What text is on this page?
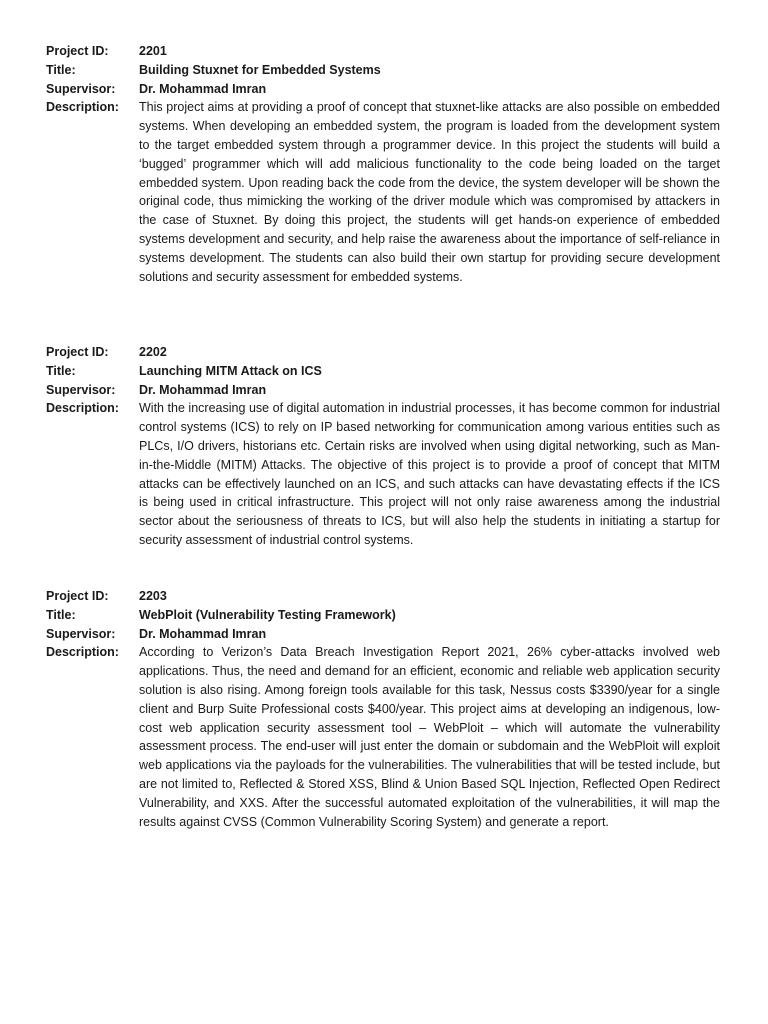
Project ID:	2201
Title:	Building Stuxnet for Embedded Systems
Supervisor:	Dr. Mohammad Imran
Description:	This project aims at providing a proof of concept that stuxnet-like attacks are also possible on embedded systems. When developing an embedded system, the program is loaded from the development system to the target embedded system through a programmer device. In this project the students will build a ‘bugged’ programmer which will add malicious functionality to the code being loaded on the target embedded system. Upon reading back the code from the device, the system developer will be shown the original code, thus mimicking the working of the driver module which was compromised by attackers in the case of Stuxnet. By doing this project, the students will get hands-on experience of embedded systems development and security, and help raise the awareness about the importance of self-reliance in systems development. The students can also build their own startup for providing secure development solutions and security assessment for embedded systems.
Project ID:	2202
Title:	Launching MITM Attack on ICS
Supervisor:	Dr. Mohammad Imran
Description:	With the increasing use of digital automation in industrial processes, it has become common for industrial control systems (ICS) to rely on IP based networking for communication among various entities such as PLCs, I/O drivers, historians etc. Certain risks are involved when using digital networking, such as Man-in-the-Middle (MITM) Attacks. The objective of this project is to provide a proof of concept that MITM attacks can be effectively launched on an ICS, and such attacks can have devastating effects if the ICS is being used in critical infrastructure. This project will not only raise awareness among the industrial sector about the seriousness of threats to ICS, but will also help the students in initiating a startup for security assessment of industrial control systems.
Project ID:	2203
Title:	WebPloit (Vulnerability Testing Framework)
Supervisor:	Dr. Mohammad Imran
Description:	According to Verizon’s Data Breach Investigation Report 2021, 26% cyber-attacks involved web applications. Thus, the need and demand for an efficient, economic and reliable web application security solution is also rising. Among foreign tools available for this task, Nessus costs $3390/year for a single client and Burp Suite Professional costs $400/year. This project aims at developing an indigenous, low-cost web application security assessment tool – WebPloit – which will automate the vulnerability assessment process. The end-user will just enter the domain or subdomain and the WebPloit will exploit web applications via the payloads for the vulnerabilities. The vulnerabilities that will be tested include, but are not limited to, Reflected & Stored XSS, Blind & Union Based SQL Injection, Reflected Open Redirect Vulnerability, and XXS. After the successful automated exploitation of the vulnerabilities, it will map the results against CVSS (Common Vulnerability Scoring System) and generate a report.
